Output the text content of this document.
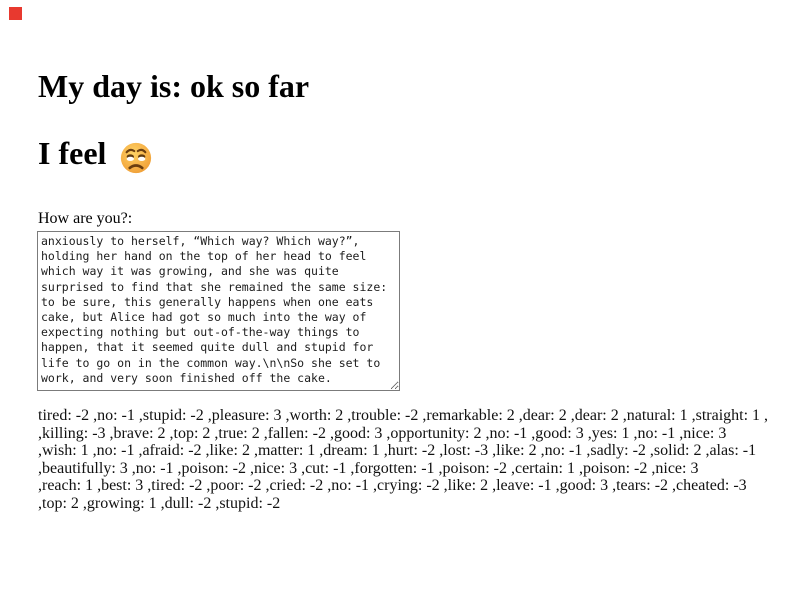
My day is: ok so far
I feel
How are you?:
anxiously to herself, “Which way? Which way?”, holding her hand on the top of her head to feel which way it was growing, and she was quite surprised to find that she remained the same size: to be sure, this generally happens when one eats cake, but Alice had got so much into the way of expecting nothing but out-of-the-way things to happen, that it seemed quite dull and stupid for life to go on in the common way.\n\nSo she set to work, and very soon finished off the cake.
tired: -2 ,no: -1 ,stupid: -2 ,pleasure: 3 ,worth: 2 ,trouble: -2 ,remarkable: 2 ,dear: 2 ,dear: 2 ,natural: 1 ,straight: 1 ,
,killing: -3 ,brave: 2 ,top: 2 ,true: 2 ,fallen: -2 ,good: 3 ,opportunity: 2 ,no: -1 ,good: 3 ,yes: 1 ,no: -1 ,nice: 3
,wish: 1 ,no: -1 ,afraid: -2 ,like: 2 ,matter: 1 ,dream: 1 ,hurt: -2 ,lost: -3 ,like: 2 ,no: -1 ,sadly: -2 ,solid: 2 ,alas: -1
,beautifully: 3 ,no: -1 ,poison: -2 ,nice: 3 ,cut: -1 ,forgotten: -1 ,poison: -2 ,certain: 1 ,poison: -2 ,nice: 3
,reach: 1 ,best: 3 ,tired: -2 ,poor: -2 ,cried: -2 ,no: -1 ,crying: -2 ,like: 2 ,leave: -1 ,good: 3 ,tears: -2 ,cheated: -3
,top: 2 ,growing: 1 ,dull: -2 ,stupid: -2
